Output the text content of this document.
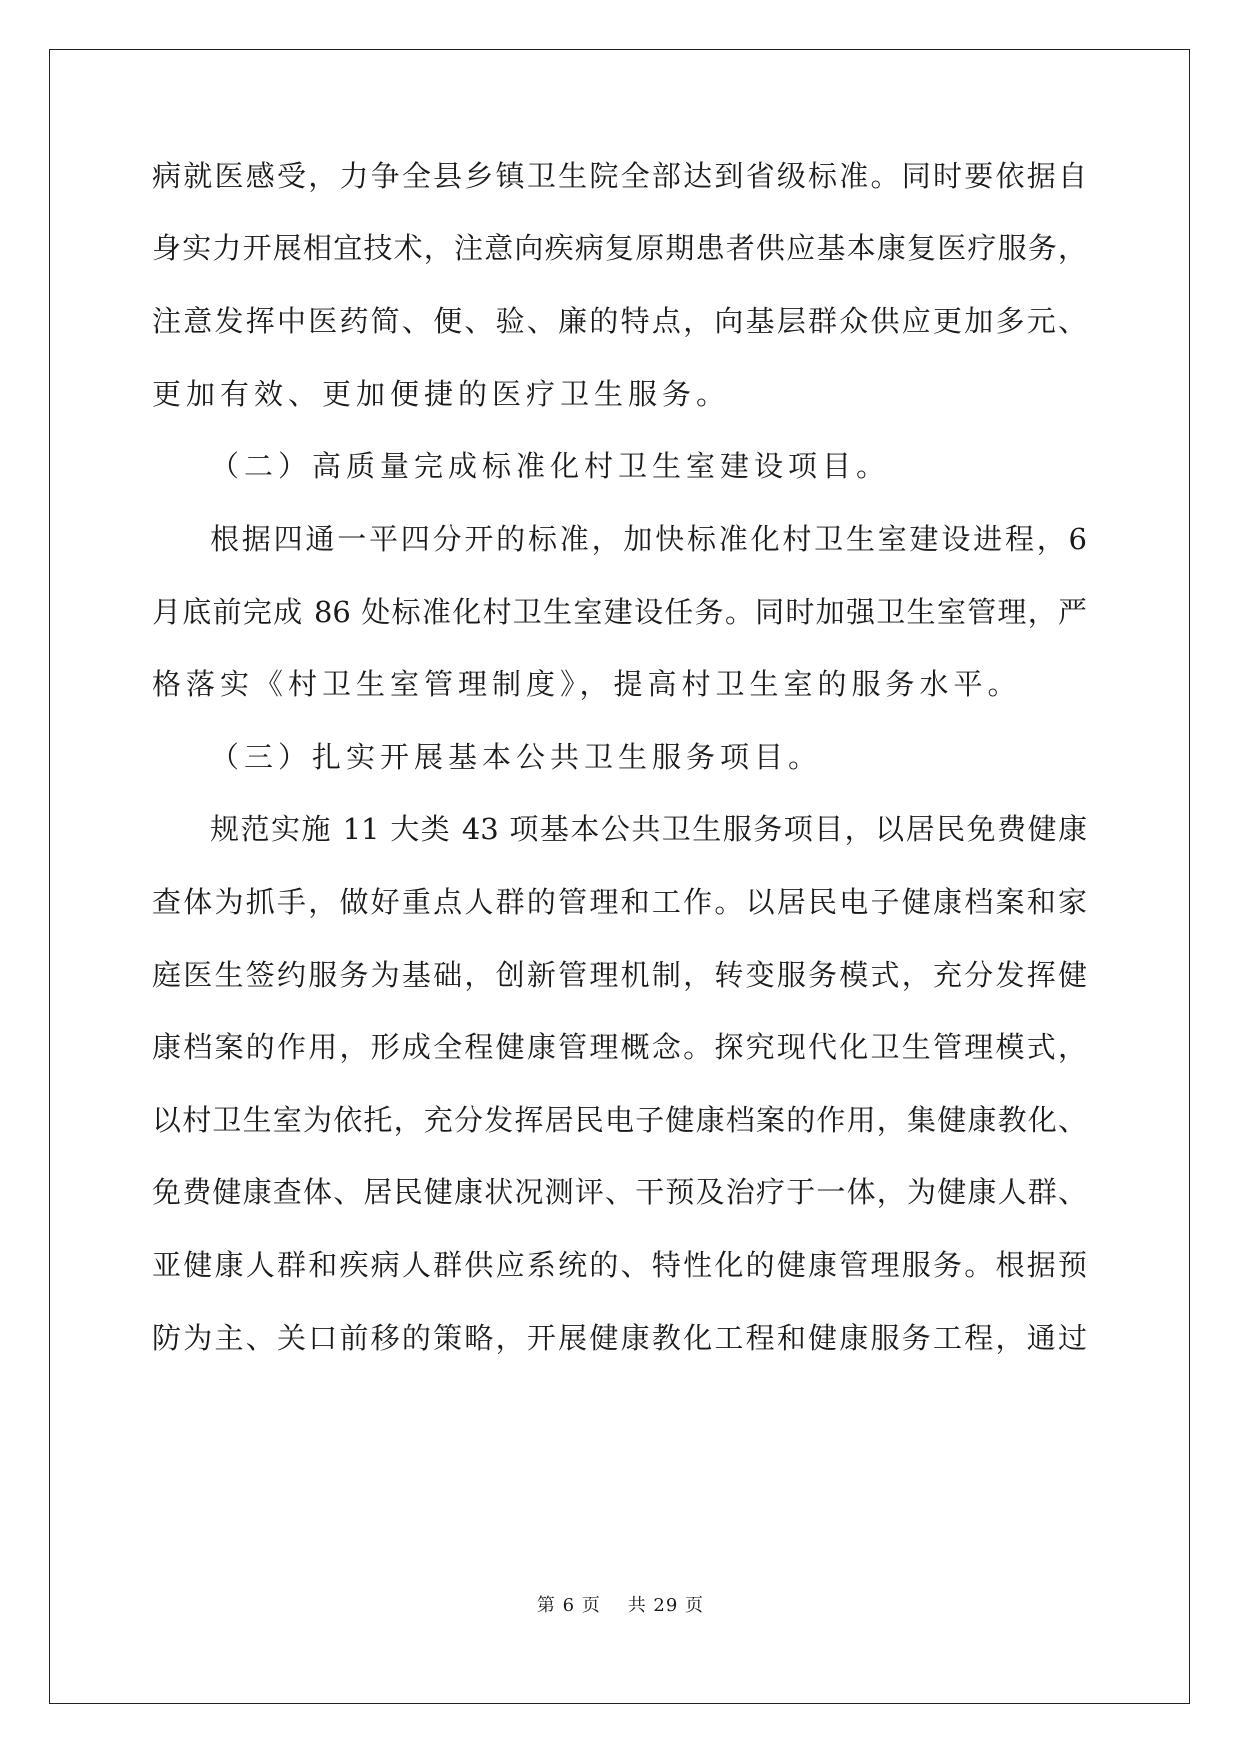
病就医感受，力争全县乡镇卫生院全部达到省级标准。同时要依据自
身实力开展相宜技术，注意向疾病复原期患者供应基本康复医疗服务，
注意发挥中医药简、便、验、廉的特点，向基层群众供应更加多元、
更加有效、更加便捷的医疗卫生服务。
（二）高质量完成标准化村卫生室建设项目。
根据四通一平四分开的标准，加快标准化村卫生室建设进程，6
月底前完成 86 处标准化村卫生室建设任务。同时加强卫生室管理，严
格落实《村卫生室管理制度》，提高村卫生室的服务水平。
（三）扎实开展基本公共卫生服务项目。
规范实施 11 大类 43 项基本公共卫生服务项目，以居民免费健康
查体为抓手，做好重点人群的管理和工作。以居民电子健康档案和家
庭医生签约服务为基础，创新管理机制，转变服务模式，充分发挥健
康档案的作用，形成全程健康管理概念。探究现代化卫生管理模式，
以村卫生室为依托，充分发挥居民电子健康档案的作用，集健康教化、
免费健康查体、居民健康状况测评、干预及治疗于一体，为健康人群、
亚健康人群和疾病人群供应系统的、特性化的健康管理服务。根据预
防为主、关口前移的策略，开展健康教化工程和健康服务工程，通过
第 6 页    共 29 页
